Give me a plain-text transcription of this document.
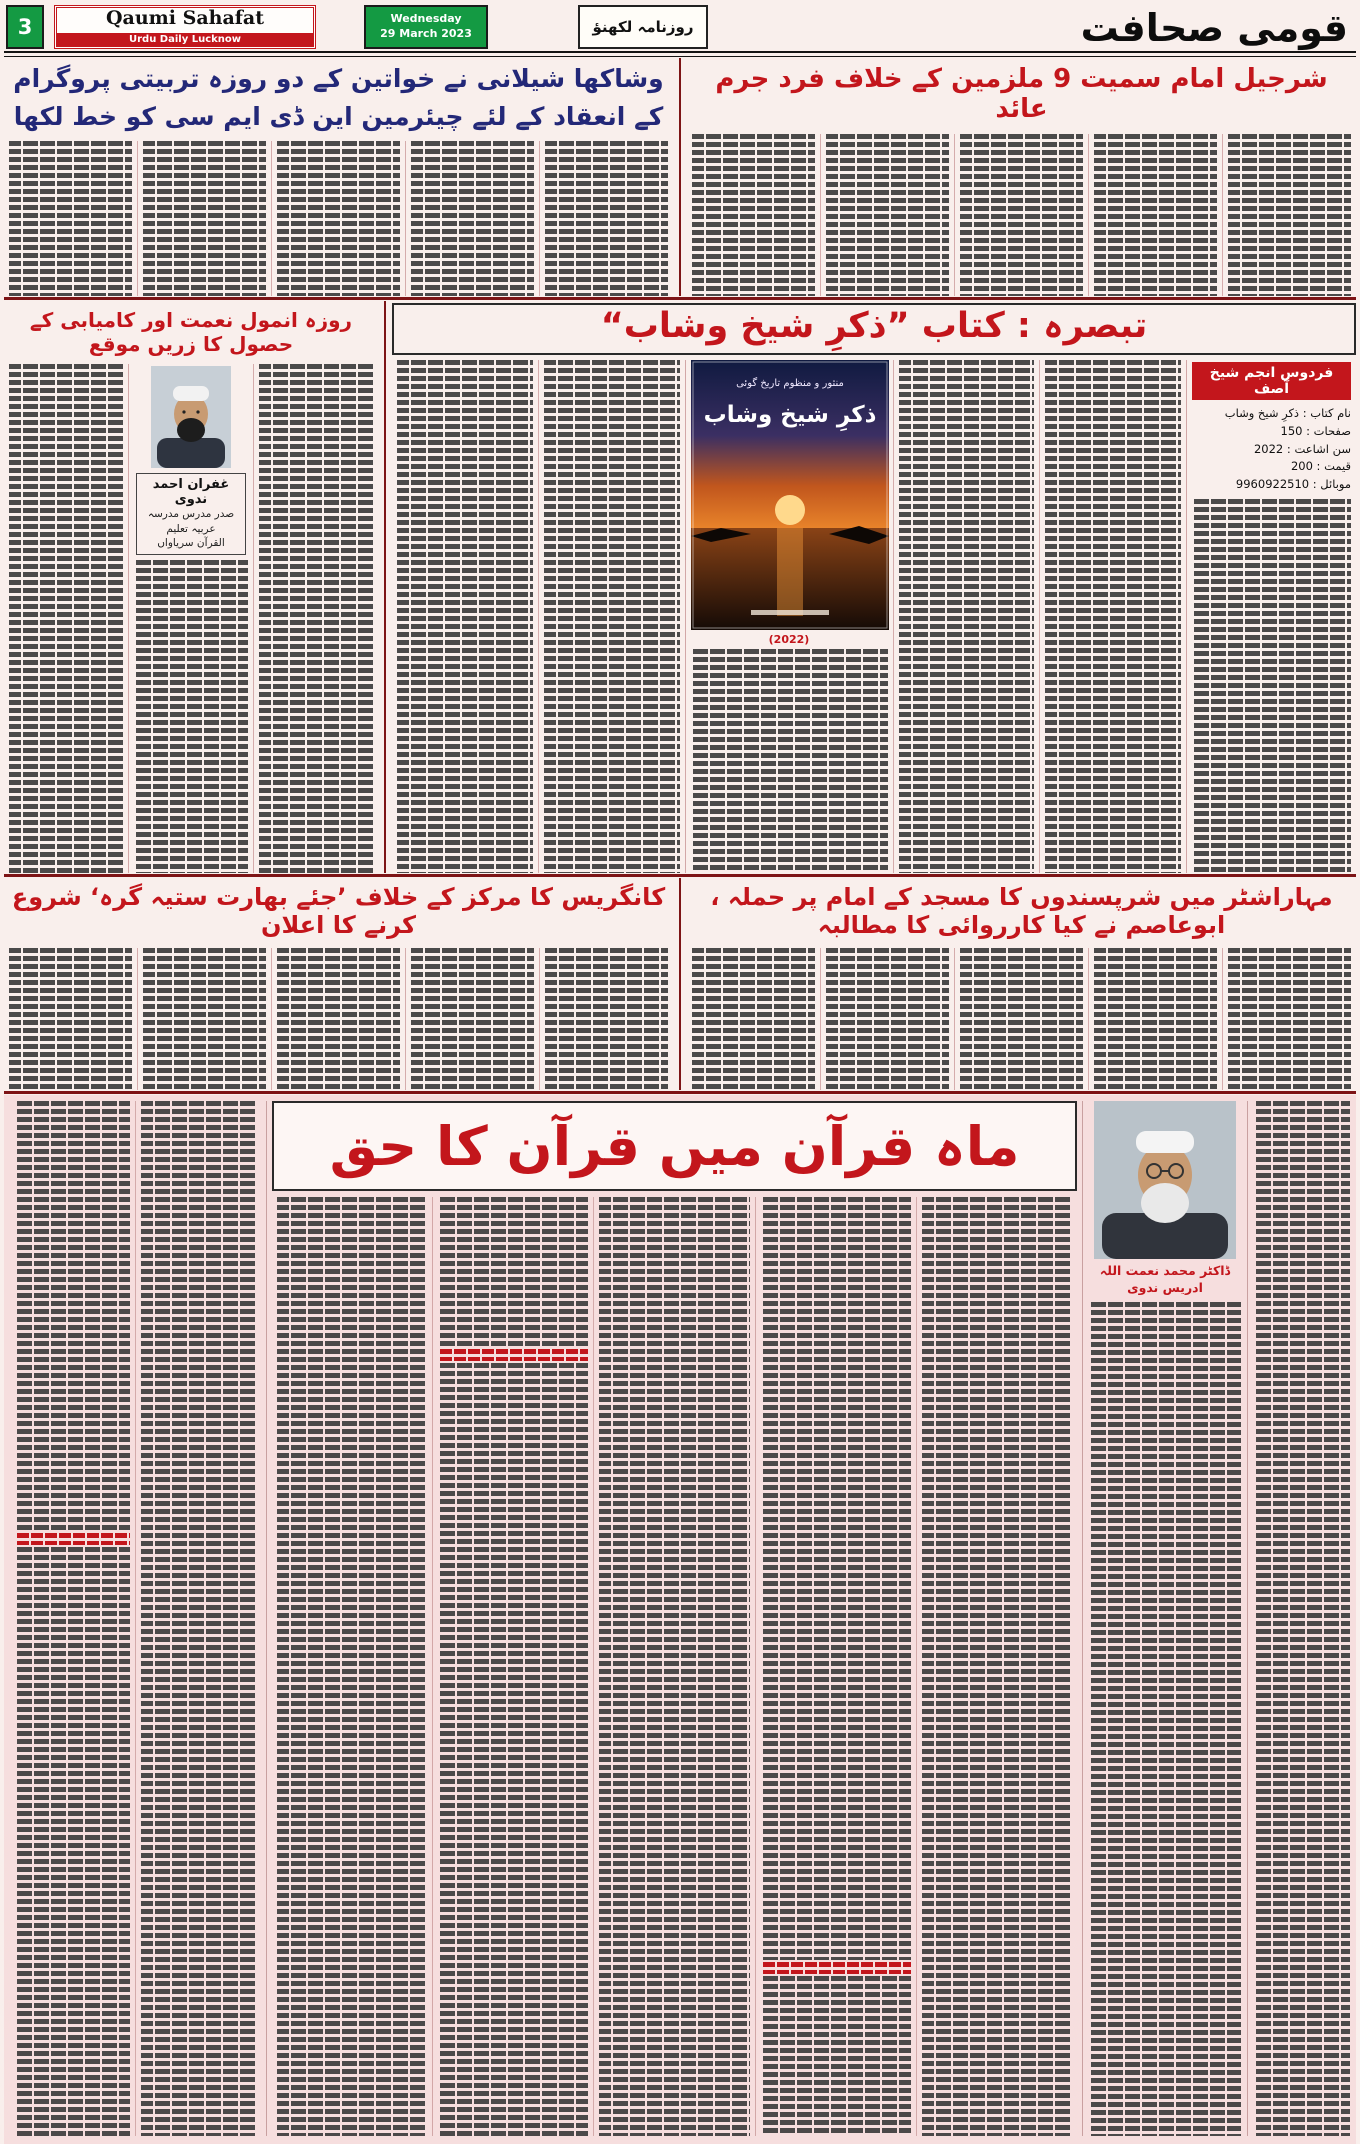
3	Qaumi Sahafat
Urdu Daily Lucknow
Wednesday
29 March 2023	روزنامہ لکھنؤ	قومی صحافت
وشاکھا شیلانی نے خواتین کے دو روزہ تربیتی پروگرام
کے انعقاد کے لئے چیئرمین این ڈی ایم سی کو خط لکھا
شرجیل امام سمیت 9 ملزمین کے خلاف فرد جرم عائد
روزہ انمول نعمت اور کامیابی کے حصول کا زریں موقع
غفران احمد ندوی
صدر مدرس مدرسہ عربیہ تعلیم
القرآن سریاواں
تبصرہ : کتاب ”ذکرِ شیخ وشاب“
منثور و منظوم تاریخ گوئی
ذکرِ شیخ وشاب
(2022)
فردوس انجم شیخ آصف
نام کتاب : ذکرِ شیخ وشاب
صفحات : 150
سن اشاعت : 2022
قیمت : 200
موبائل : 9960922510
کانگریس کا مرکز کے خلاف ’جئے بھارت ستیہ گرہ‘ شروع کرنے کا اعلان
مہاراشٹر میں شرپسندوں کا مسجد کے امام پر حملہ ، ابوعاصم نے کیا کارروائی کا مطالبہ
ماہ قرآن میں قرآن کا حق
ڈاکٹر محمد نعمت اللہ ادریس ندوی
